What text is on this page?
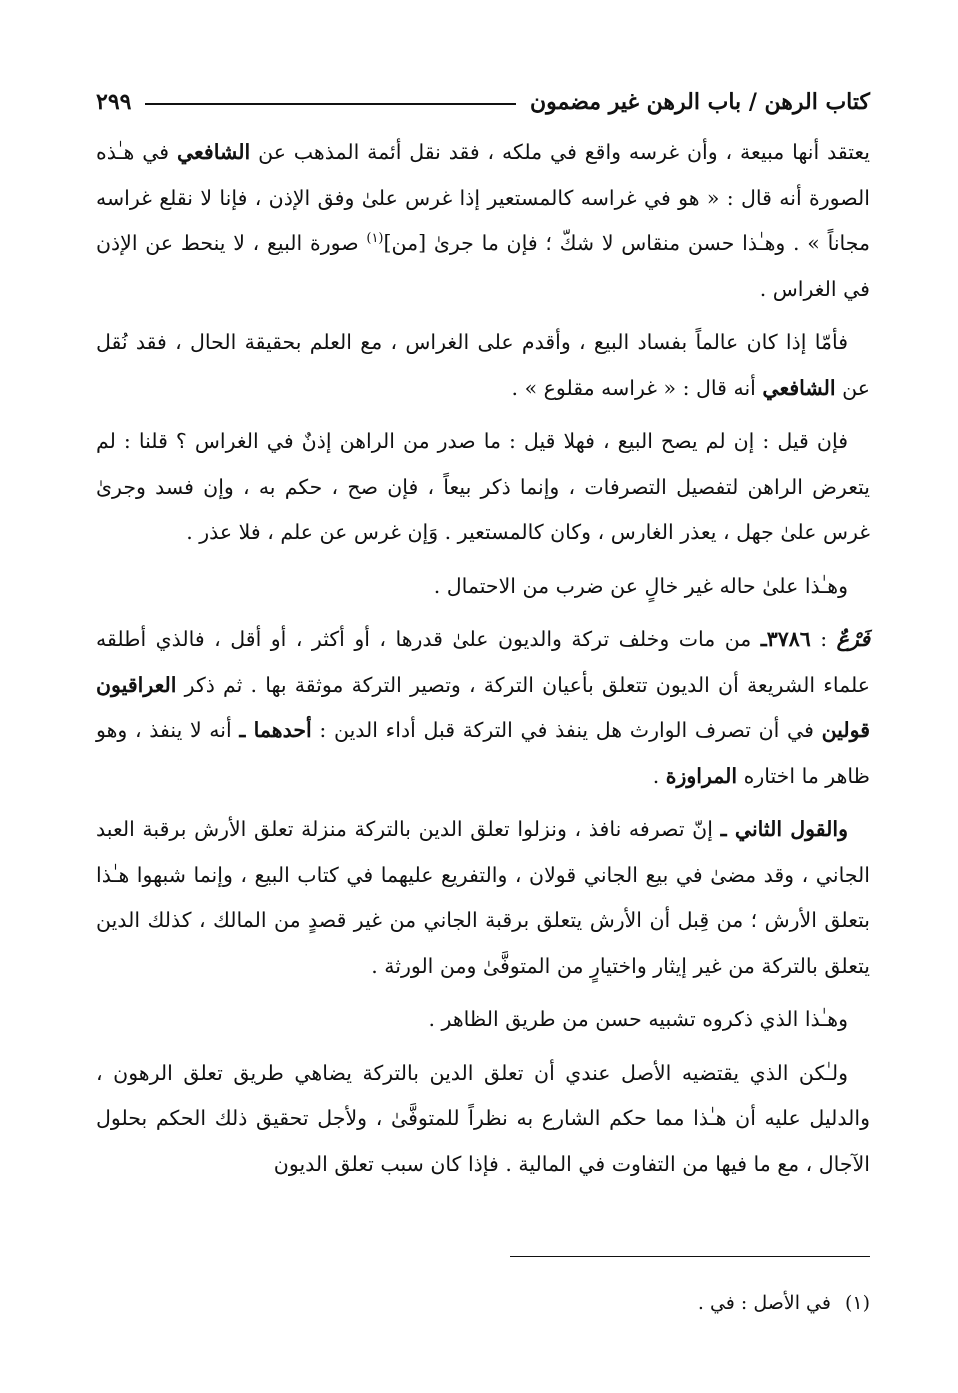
كتاب الرهن / باب الرهن غير مضمون
٢٩٩

يعتقد أنها مبيعة ، وأن غرسه واقع في ملكه ، فقد نقل أئمة المذهب عن الشافعي في هـٰذه الصورة أنه قال : « هو في غراسه كالمستعير إذا غرس علىٰ وفق الإذن ، فإنا لا نقلع غراسه مجاناً » . وهـٰذا حسن منقاس لا شكّ ؛ فإن ما جرىٰ [من]$^{(١)}$ صورة البيع ، لا ينحط عن الإذن في الغراس .

فأمّا إذا كان عالماً بفساد البيع ، وأقدم على الغراس ، مع العلم بحقيقة الحال ، فقد نُقل عن الشافعي أنه قال : « غراسه مقلوع » .

فإن قيل : إن لم يصح البيع ، فهلا قيل : ما صدر من الراهن إذنٌ في الغراس ؟ قلنا : لم يتعرض الراهن لتفصيل التصرفات ، وإنما ذكر بيعاً ، فإن صح ، حكم به ، وإن فسد وجرىٰ غرس علىٰ جهل ، يعذر الغارس ، وكان كالمستعير . وَإن غرس عن علم ، فلا عذر .

وهـٰذا علىٰ حاله غير خالٍ عن ضرب من الاحتمال .

فَرْعٌ : ٣٧٨٦ـ من مات وخلف تركة والديون علىٰ قدرها ، أو أكثر ، أو أقل ، فالذي أطلقه علماء الشريعة أن الديون تتعلق بأعيان التركة ، وتصير التركة موثقة بها . ثم ذكر العراقيون قولين في أن تصرف الوارث هل ينفذ في التركة قبل أداء الدين : أحدهما ـ أنه لا ينفذ ، وهو ظاهر ما اختاره المراوزة .

والقول الثاني ـ إنّ تصرفه نافذ ، ونزلوا تعلق الدين بالتركة منزلة تعلق الأرش برقبة العبد الجاني ، وقد مضىٰ في بيع الجاني قولان ، والتفريع عليهما في كتاب البيع ، وإنما شبهوا هـٰذا بتعلق الأرش ؛ من قِبل أن الأرش يتعلق برقبة الجاني من غير قصدٍ من المالك ، كذلك الدين يتعلق بالتركة من غير إيثار واختيارٍ من المتوفَّىٰ ومن الورثة .

وهـٰذا الذي ذكروه تشبيه حسن من طريق الظاهر .

ولـٰكن الذي يقتضيه الأصل عندي أن تعلق الدين بالتركة يضاهي طريق تعلق الرهون ، والدليل عليه أن هـٰذا مما حكم الشارع به نظراً للمتوفَّىٰ ، ولأجل تحقيق ذلك الحكم بحلول الآجال ، مع ما فيها من التفاوت في المالية . فإذا كان سبب تعلق الديون

(١)في الأصل : في .
